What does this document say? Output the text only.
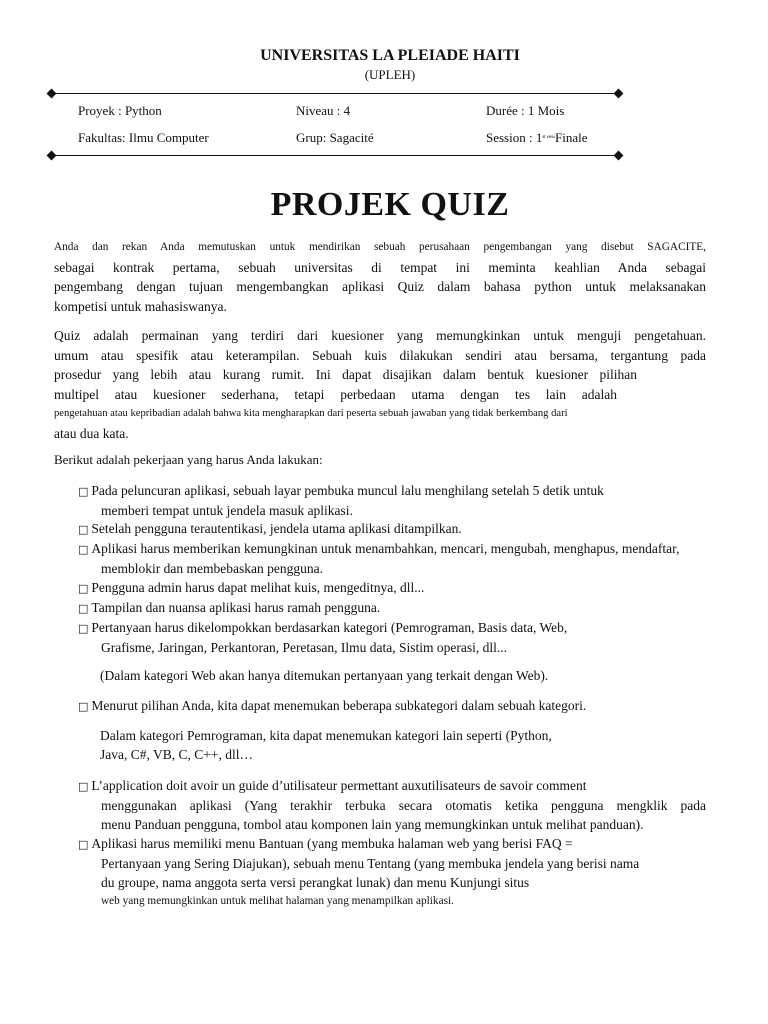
UNIVERSITAS LA PLEIADE HAITI
(UPLEH)
Proyek : Python	Niveau : 4	Durée : 1 Mois
Fakultas: Ilmu Computer	Grup: Sagacité	Session : $1^{st sess}Finale$
PROJEK QUIZ
Anda dan rekan Anda memutuskan untuk mendirikan sebuah perusahaan pengembangan yang disebut SAGACITE,
sebagai kontrak pertama, sebuah universitas di tempat ini meminta keahlian Anda sebagai
pengembang dengan tujuan mengembangkan aplikasi Quiz dalam bahasa python untuk melaksanakan
kompetisi untuk mahasiswanya.
Quiz adalah permainan yang terdiri dari kuesioner yang memungkinkan untuk menguji pengetahuan.
umum atau spesifik atau keterampilan. Sebuah kuis dilakukan sendiri atau bersama, tergantung pada
prosedur yang lebih atau kurang rumit. Ini dapat disajikan dalam bentuk kuesioner pilihan
multipel atau kuesioner sederhana, tetapi perbedaan utama dengan tes lain adalah
pengetahuan atau kepribadian adalah bahwa kita mengharapkan dari peserta sebuah jawaban yang tidak berkembang dari
atau dua kata.
Berikut adalah pekerjaan yang harus Anda lakukan:
□ Pada peluncuran aplikasi, sebuah layar pembuka muncul lalu menghilang setelah 5 detik untuk
memberi tempat untuk jendela masuk aplikasi.
□ Setelah pengguna terautentikasi, jendela utama aplikasi ditampilkan.
□ Aplikasi harus memberikan kemungkinan untuk menambahkan, mencari, mengubah, menghapus, mendaftar,
memblokir dan membebaskan pengguna.
□ Pengguna admin harus dapat melihat kuis, mengeditnya, dll...
□ Tampilan dan nuansa aplikasi harus ramah pengguna.
□ Pertanyaan harus dikelompokkan berdasarkan kategori (Pemrograman, Basis data, Web,
Grafisme, Jaringan, Perkantoran, Peretasan, Ilmu data, Sistim operasi, dll...
(Dalam kategori Web akan hanya ditemukan pertanyaan yang terkait dengan Web).
□ Menurut pilihan Anda, kita dapat menemukan beberapa subkategori dalam sebuah kategori.
Dalam kategori Pemrograman, kita dapat menemukan kategori lain seperti (Python,
Java, C#, VB, C, C++, dll…
□ L’application doit avoir un guide d’utilisateur permettant auxutilisateurs de savoir comment
menggunakan aplikasi (Yang terakhir terbuka secara otomatis ketika pengguna mengklik pada
menu Panduan pengguna, tombol atau komponen lain yang memungkinkan untuk melihat panduan).
□ Aplikasi harus memiliki menu Bantuan (yang membuka halaman web yang berisi FAQ =
Pertanyaan yang Sering Diajukan), sebuah menu Tentang (yang membuka jendela yang berisi nama
du groupe, nama anggota serta versi perangkat lunak) dan menu Kunjungi situs
web yang memungkinkan untuk melihat halaman yang menampilkan aplikasi.
